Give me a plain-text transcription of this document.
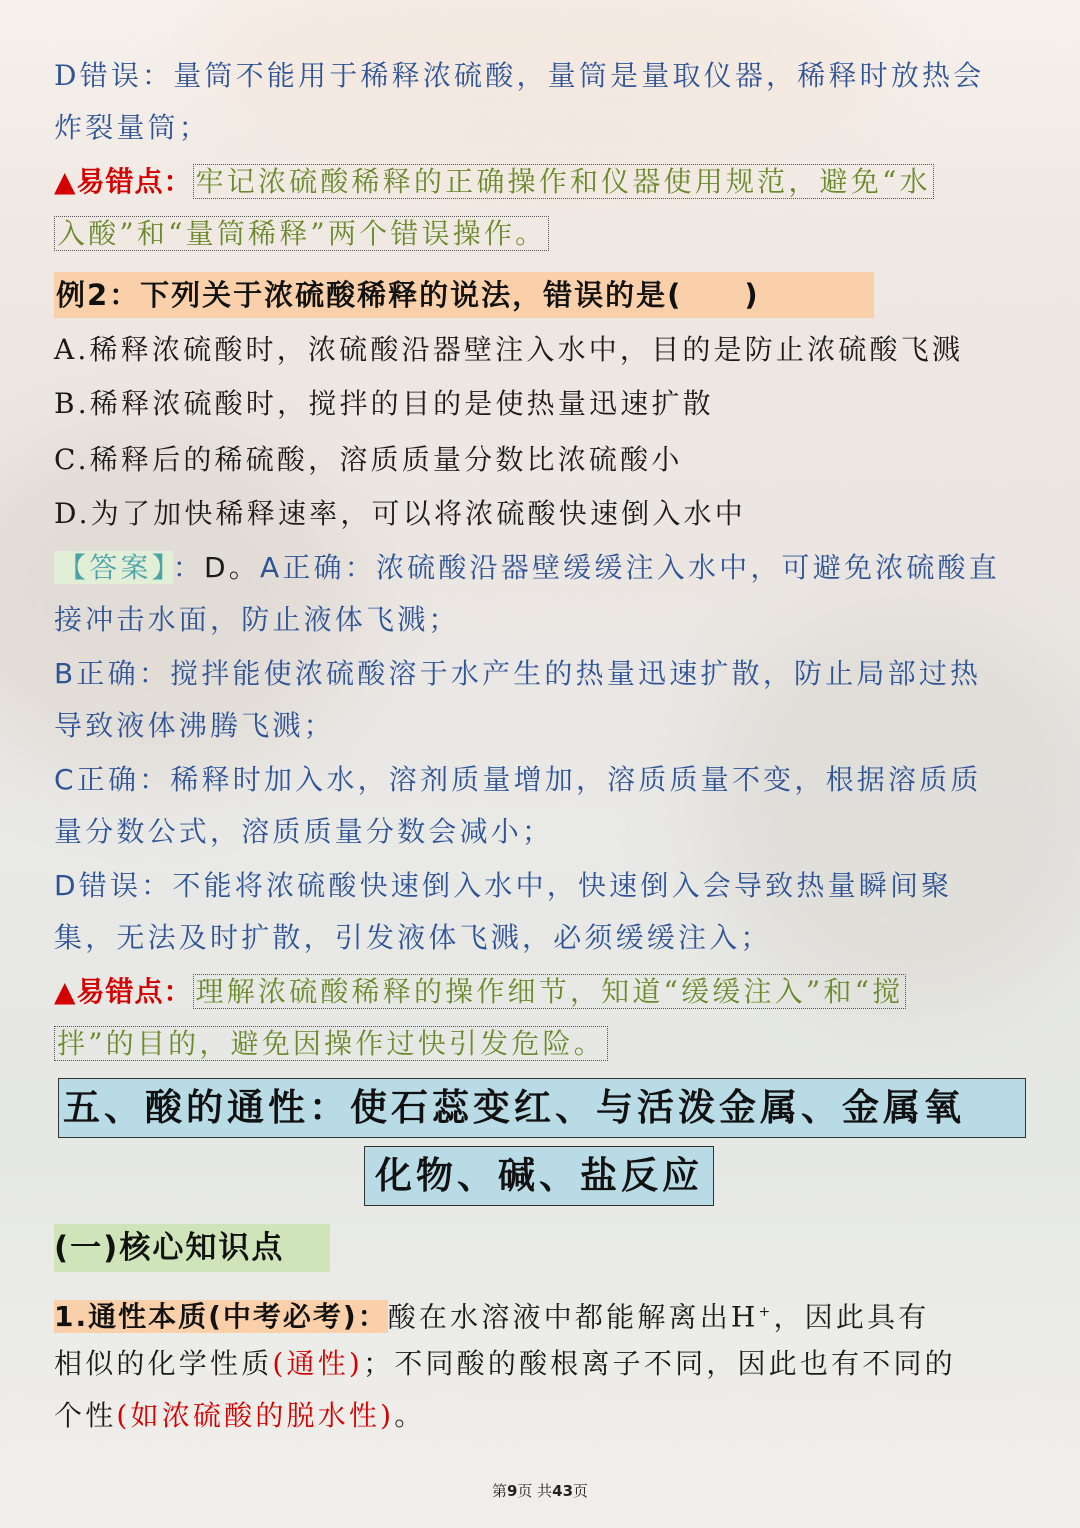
D错误：量筒不能用于稀释浓硫酸，量筒是量取仪器，稀释时放热会
炸裂量筒；
▲易错点： 牢记浓硫酸稀释的正确操作和仪器使用规范，避免“水
入酸”和“量筒稀释”两个错误操作。
例2：下列关于浓硫酸稀释的说法，错误的是(　　)
A.稀释浓硫酸时，浓硫酸沿器壁注入水中，目的是防止浓硫酸飞溅
B.稀释浓硫酸时，搅拌的目的是使热量迅速扩散
C.稀释后的稀硫酸，溶质质量分数比浓硫酸小
D.为了加快稀释速率，可以将浓硫酸快速倒入水中
【答案】 ：D。A正确：浓硫酸沿器壁缓缓注入水中，可避免浓硫酸直
接冲击水面，防止液体飞溅；
B正确：搅拌能使浓硫酸溶于水产生的热量迅速扩散，防止局部过热
导致液体沸腾飞溅；
C正确：稀释时加入水，溶剂质量增加，溶质质量不变，根据溶质质
量分数公式，溶质质量分数会减小；
D错误：不能将浓硫酸快速倒入水中，快速倒入会导致热量瞬间聚
集，无法及时扩散，引发液体飞溅，必须缓缓注入；
▲易错点： 理解浓硫酸稀释的操作细节，知道“缓缓注入”和“搅
拌”的目的，避免因操作过快引发危险。
五、酸的通性：使石蕊变红、与活泼金属、金属氧
化物、碱、盐反应
(一)核心知识点
1.通性本质(中考必考)：酸在水溶液中都能解离出H+，因此具有
相似的化学性质(通性)；不同酸的酸根离子不同，因此也有不同的
个性(如浓硫酸的脱水性)。
第9页 共43页
